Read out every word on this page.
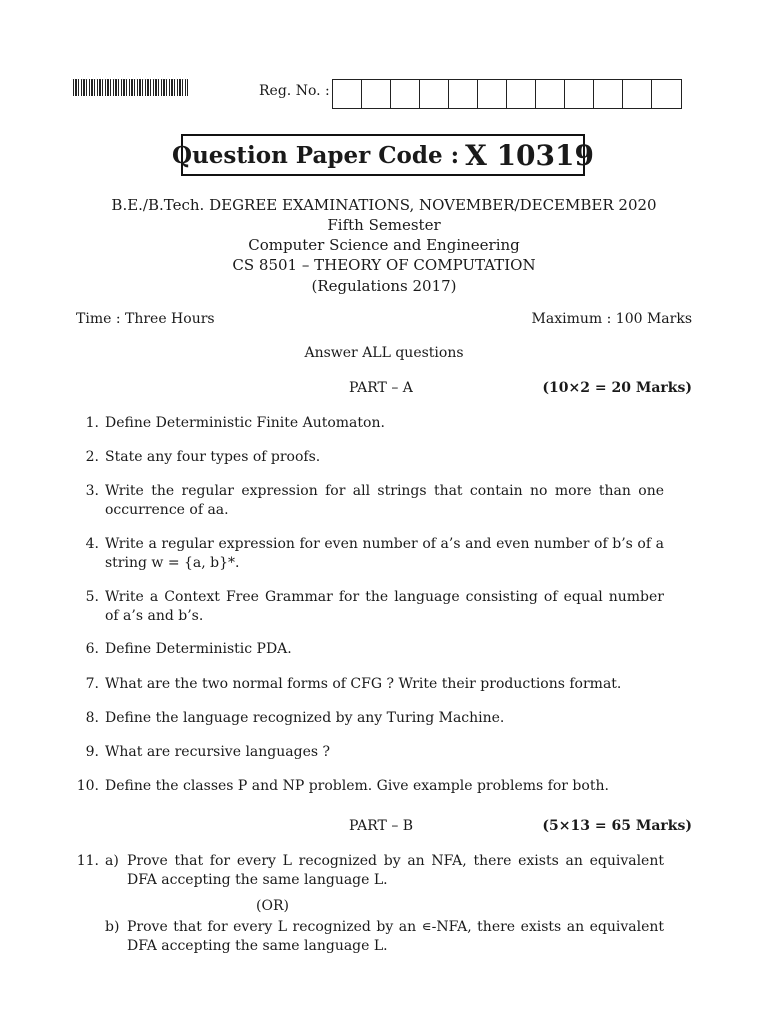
Reg. No. :
Question Paper Code : X 10319
B.E./B.Tech. DEGREE EXAMINATIONS, NOVEMBER/DECEMBER 2020
Fifth Semester
Computer Science and Engineering
CS 8501 – THEORY OF COMPUTATION
(Regulations 2017)
Time : Three Hours	Maximum : 100 Marks
Answer ALL questions
PART – A	(10×2 = 20 Marks)
1. Define Deterministic Finite Automaton.
2. State any four types of proofs.
3. Write the regular expression for all strings that contain no more than one occurrence of aa.
4. Write a regular expression for even number of a’s and even number of b’s of a string w = {a, b}*.
5. Write a Context Free Grammar for the language consisting of equal number of a’s and b’s.
6. Define Deterministic PDA.
7. What are the two normal forms of CFG ? Write their productions format.
8. Define the language recognized by any Turing Machine.
9. What are recursive languages ?
10. Define the classes P and NP problem. Give example problems for both.
PART – B	(5×13 = 65 Marks)
11. a) Prove that for every L recognized by an NFA, there exists an equivalent DFA accepting the same language L.
(OR)
b) Prove that for every L recognized by an ∊-NFA, there exists an equivalent DFA accepting the same language L.
